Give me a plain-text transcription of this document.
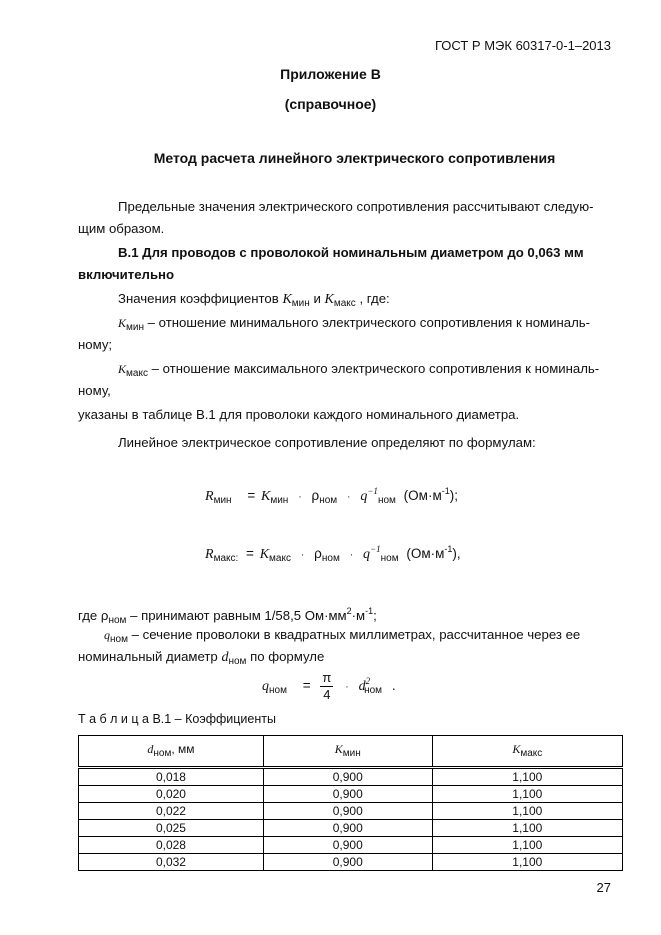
ГОСТ Р МЭК 60317-0-1–2013
Приложение В
(справочное)
Метод расчета линейного электрического сопротивления
Предельные значения электрического сопротивления рассчитывают следую-
щим образом.
В.1 Для проводов с проволокой номинальным диаметром до 0,063 мм
включительно
Значения коэффициентов $K_{мин}$ и $K_{макс}$ , где:
$K_{мин}$ – отношение минимального электрического сопротивления к номиналь-
ному;
$K_{макс}$ – отношение максимального электрического сопротивления к номиналь-
ному,
указаны в таблице В.1 для проволоки каждого номинального диаметра.
Линейное электрическое сопротивление определяют по формулам:
$R_{мин} = K_{мин} \cdot \rho_{ном} \cdot q^{-1}_{ном}$ $(Ом\cdot м^{-1})$;
$R_{макс:} = K_{макс} \cdot \rho_{ном} \cdot q^{-1}_{ном}$ $(Ом\cdot м^{-1})$,
где $\rho_{ном}$ – принимают равным 1/58,5 $Ом\cdot мм^2\cdot м^{-1}$;
$q_{ном}$ – сечение проволоки в квадратных миллиметрах, рассчитанное через ее
номинальный диаметр $d_{ном}$ по формуле
$q_{ном} = \frac{\pi}{4} \cdot d^2_{ном}$ .
Т а б л и ц а В.1 – Коэффициенты
$d_{ном}$, мм	$K_{мин}$	$K_{макс}$
0,018	0,900	1,100
0,020	0,900	1,100
0,022	0,900	1,100
0,025	0,900	1,100
0,028	0,900	1,100
0,032	0,900	1,100
27
